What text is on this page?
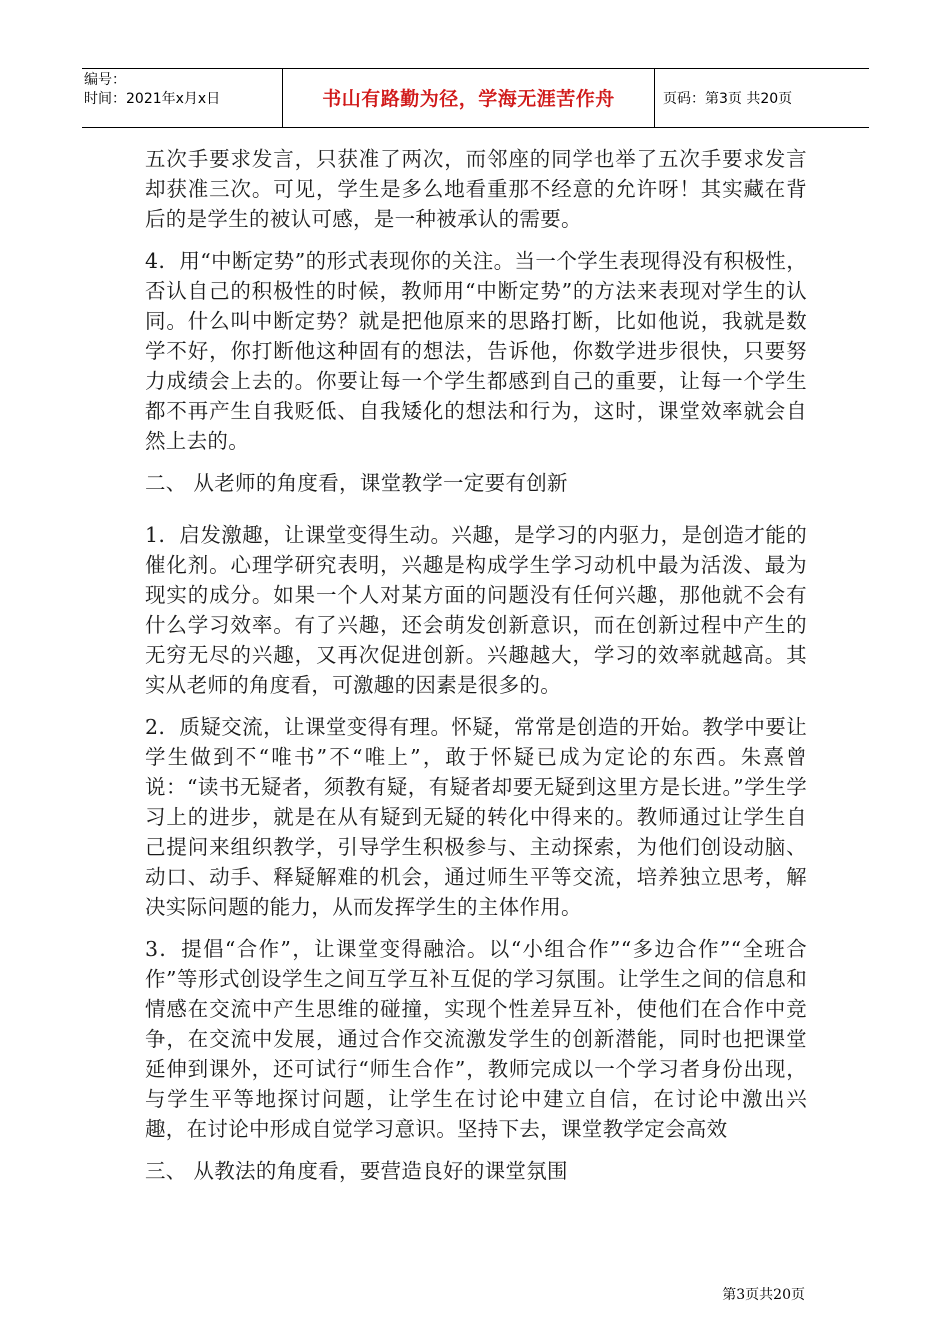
编号：
时间：2021年x月x日	书山有路勤为径，学海无涯苦作舟	页码：第3页 共20页

五次手要求发言，只获准了两次，而邻座的同学也举了五次手要求发言却获准三次。可见，学生是多么地看重那不经意的允许呀！其实藏在背后的是学生的被认可感，是一种被承认的需要。

4．用“中断定势”的形式表现你的关注。当一个学生表现得没有积极性，否认自己的积极性的时候，教师用“中断定势”的方法来表现对学生的认同。什么叫中断定势？就是把他原来的思路打断，比如他说，我就是数学不好，你打断他这种固有的想法，告诉他，你数学进步很快，只要努力成绩会上去的。你要让每一个学生都感到自己的重要，让每一个学生都不再产生自我贬低、自我矮化的想法和行为，这时，课堂效率就会自然上去的。

二、 从老师的角度看，课堂教学一定要有创新

1．启发激趣，让课堂变得生动。兴趣，是学习的内驱力，是创造才能的催化剂。心理学研究表明，兴趣是构成学生学习动机中最为活泼、最为现实的成分。如果一个人对某方面的问题没有任何兴趣，那他就不会有什么学习效率。有了兴趣，还会萌发创新意识，而在创新过程中产生的无穷无尽的兴趣，又再次促进创新。兴趣越大，学习的效率就越高。其实从老师的角度看，可激趣的因素是很多的。

2．质疑交流，让课堂变得有理。怀疑，常常是创造的开始。教学中要让学生做到不“唯书”不“唯上”，敢于怀疑已成为定论的东西。朱熹曾说：“读书无疑者，须教有疑，有疑者却要无疑到这里方是长进。”学生学习上的进步，就是在从有疑到无疑的转化中得来的。教师通过让学生自己提问来组织教学，引导学生积极参与、主动探索，为他们创设动脑、动口、动手、释疑解难的机会，通过师生平等交流，培养独立思考，解决实际问题的能力，从而发挥学生的主体作用。

3．提倡“合作”，让课堂变得融洽。以“小组合作”“多边合作”“全班合作”等形式创设学生之间互学互补互促的学习氛围。让学生之间的信息和情感在交流中产生思维的碰撞，实现个性差异互补，使他们在合作中竞争，在交流中发展，通过合作交流激发学生的创新潜能，同时也把课堂延伸到课外，还可试行“师生合作”，教师完成以一个学习者身份出现，与学生平等地探讨问题，让学生在讨论中建立自信，在讨论中激出兴趣，在讨论中形成自觉学习意识。坚持下去，课堂教学定会高效

三、 从教法的角度看，要营造良好的课堂氛围

第3页共20页
